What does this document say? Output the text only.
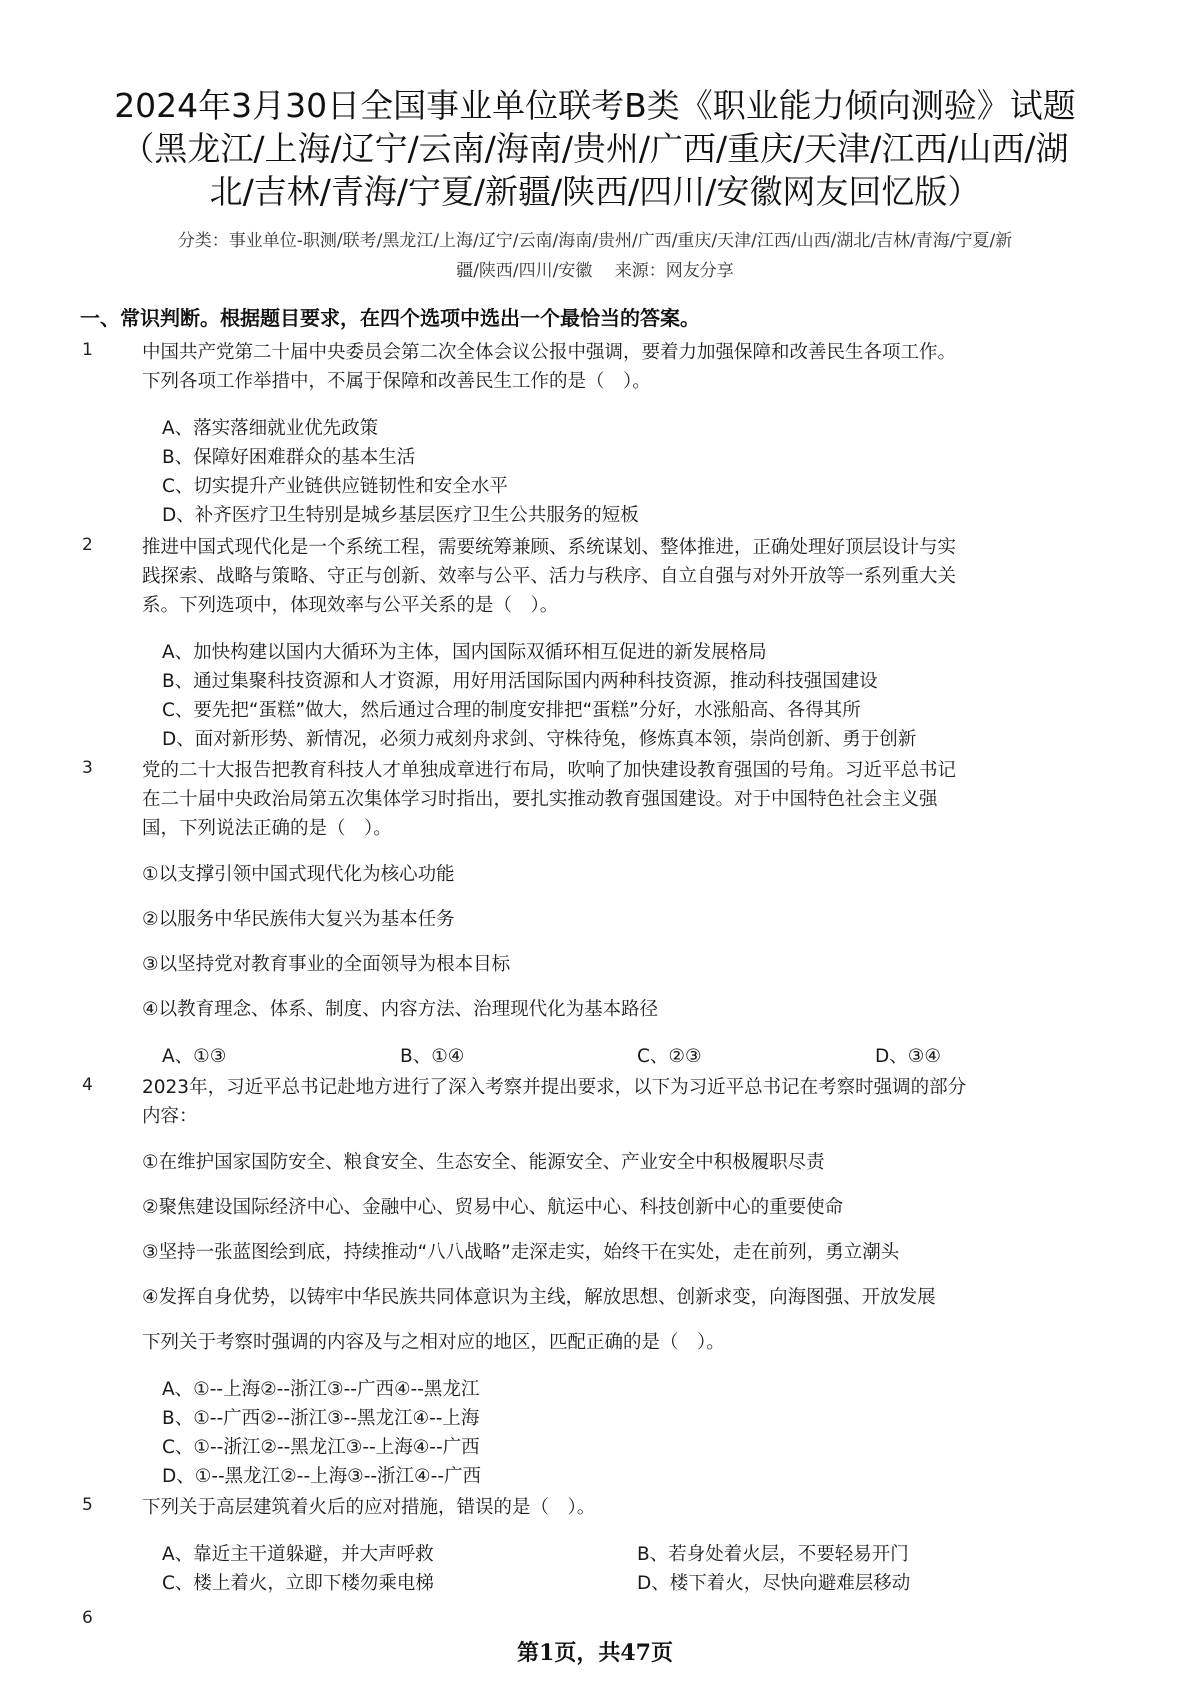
2024年3月30日全国事业单位联考B类《职业能力倾向测验》试题
（黑龙江/上海/辽宁/云南/海南/贵州/广西/重庆/天津/江西/山西/湖
北/吉林/青海/宁夏/新疆/陕西/四川/安徽网友回忆版）
分类：事业单位-职测/联考/黑龙江/上海/辽宁/云南/海南/贵州/广西/重庆/天津/江西/山西/湖北/吉林/青海/宁夏/新
疆/陕西/四川/安徽　 来源：网友分享
一、常识判断。根据题目要求，在四个选项中选出一个最恰当的答案。
1	中国共产党第二十届中央委员会第二次全体会议公报中强调，要着力加强保障和改善民生各项工作。
下列各项工作举措中，不属于保障和改善民生工作的是（　）。
A、落实落细就业优先政策
B、保障好困难群众的基本生活
C、切实提升产业链供应链韧性和安全水平
D、补齐医疗卫生特别是城乡基层医疗卫生公共服务的短板
2	推进中国式现代化是一个系统工程，需要统筹兼顾、系统谋划、整体推进，正确处理好顶层设计与实
践探索、战略与策略、守正与创新、效率与公平、活力与秩序、自立自强与对外开放等一系列重大关
系。下列选项中，体现效率与公平关系的是（　）。
A、加快构建以国内大循环为主体，国内国际双循环相互促进的新发展格局
B、通过集聚科技资源和人才资源，用好用活国际国内两种科技资源，推动科技强国建设
C、要先把“蛋糕”做大，然后通过合理的制度安排把“蛋糕”分好，水涨船高、各得其所
D、面对新形势、新情况，必须力戒刻舟求剑、守株待兔，修炼真本领，崇尚创新、勇于创新
3	党的二十大报告把教育科技人才单独成章进行布局，吹响了加快建设教育强国的号角。习近平总书记
在二十届中央政治局第五次集体学习时指出，要扎实推动教育强国建设。对于中国特色社会主义强
国，下列说法正确的是（　）。
①以支撑引领中国式现代化为核心功能
②以服务中华民族伟大复兴为基本任务
③以坚持党对教育事业的全面领导为根本目标
④以教育理念、体系、制度、内容方法、治理现代化为基本路径
A、①③	B、①④	C、②③	D、③④
4	2023年，习近平总书记赴地方进行了深入考察并提出要求，以下为习近平总书记在考察时强调的部分
内容：
①在维护国家国防安全、粮食安全、生态安全、能源安全、产业安全中积极履职尽责
②聚焦建设国际经济中心、金融中心、贸易中心、航运中心、科技创新中心的重要使命
③坚持一张蓝图绘到底，持续推动“八八战略”走深走实，始终干在实处，走在前列，勇立潮头
④发挥自身优势，以铸牢中华民族共同体意识为主线，解放思想、创新求变，向海图强、开放发展
下列关于考察时强调的内容及与之相对应的地区，匹配正确的是（　）。
A、①--上海②--浙江③--广西④--黑龙江
B、①--广西②--浙江③--黑龙江④--上海
C、①--浙江②--黑龙江③--上海④--广西
D、①--黑龙江②--上海③--浙江④--广西
5	下列关于高层建筑着火后的应对措施，错误的是（　）。
A、靠近主干道躲避，并大声呼救	B、若身处着火层，不要轻易开门
C、楼上着火，立即下楼勿乘电梯	D、楼下着火，尽快向避难层移动
6
第1页，共47页
